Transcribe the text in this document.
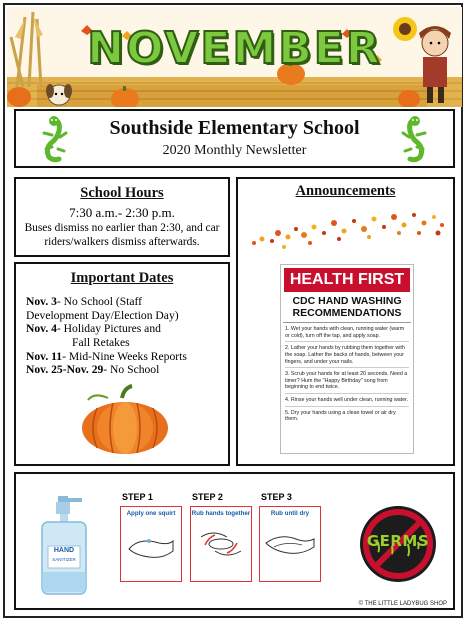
NOVEMBER
Southside Elementary School
2020 Monthly Newsletter
School Hours
7:30 a.m.- 2:30 p.m.
Buses dismiss no earlier than 2:30, and car riders/walkers dismiss afterwards.
Important Dates
Nov. 3- No School (Staff
Development Day/Election Day)
Nov. 4- Holiday Pictures and
Fall Retakes
Nov. 11- Mid-Nine Weeks Reports
Nov. 25-Nov. 29- No School
Announcements
HEALTH FIRST
CDC HAND WASHING RECOMMENDATIONS
1. Wet your hands with clean, running water (warm or cold), turn off the tap, and apply soap.
2. Lather your hands by rubbing them together with the soap. Lather the backs of hands, between your fingers, and under your nails.
3. Scrub your hands for at least 20 seconds. Need a timer? Hum the "Happy Birthday" song from beginning to end twice.
4. Rinse your hands well under clean, running water.
5. Dry your hands using a clean towel or air dry them.
HAND
SANITIZER
STEP 1
Apply one squirt
STEP 2
Rub hands together
STEP 3
Rub until dry
GERMS
© THE LITTLE LADYBUG SHOP
